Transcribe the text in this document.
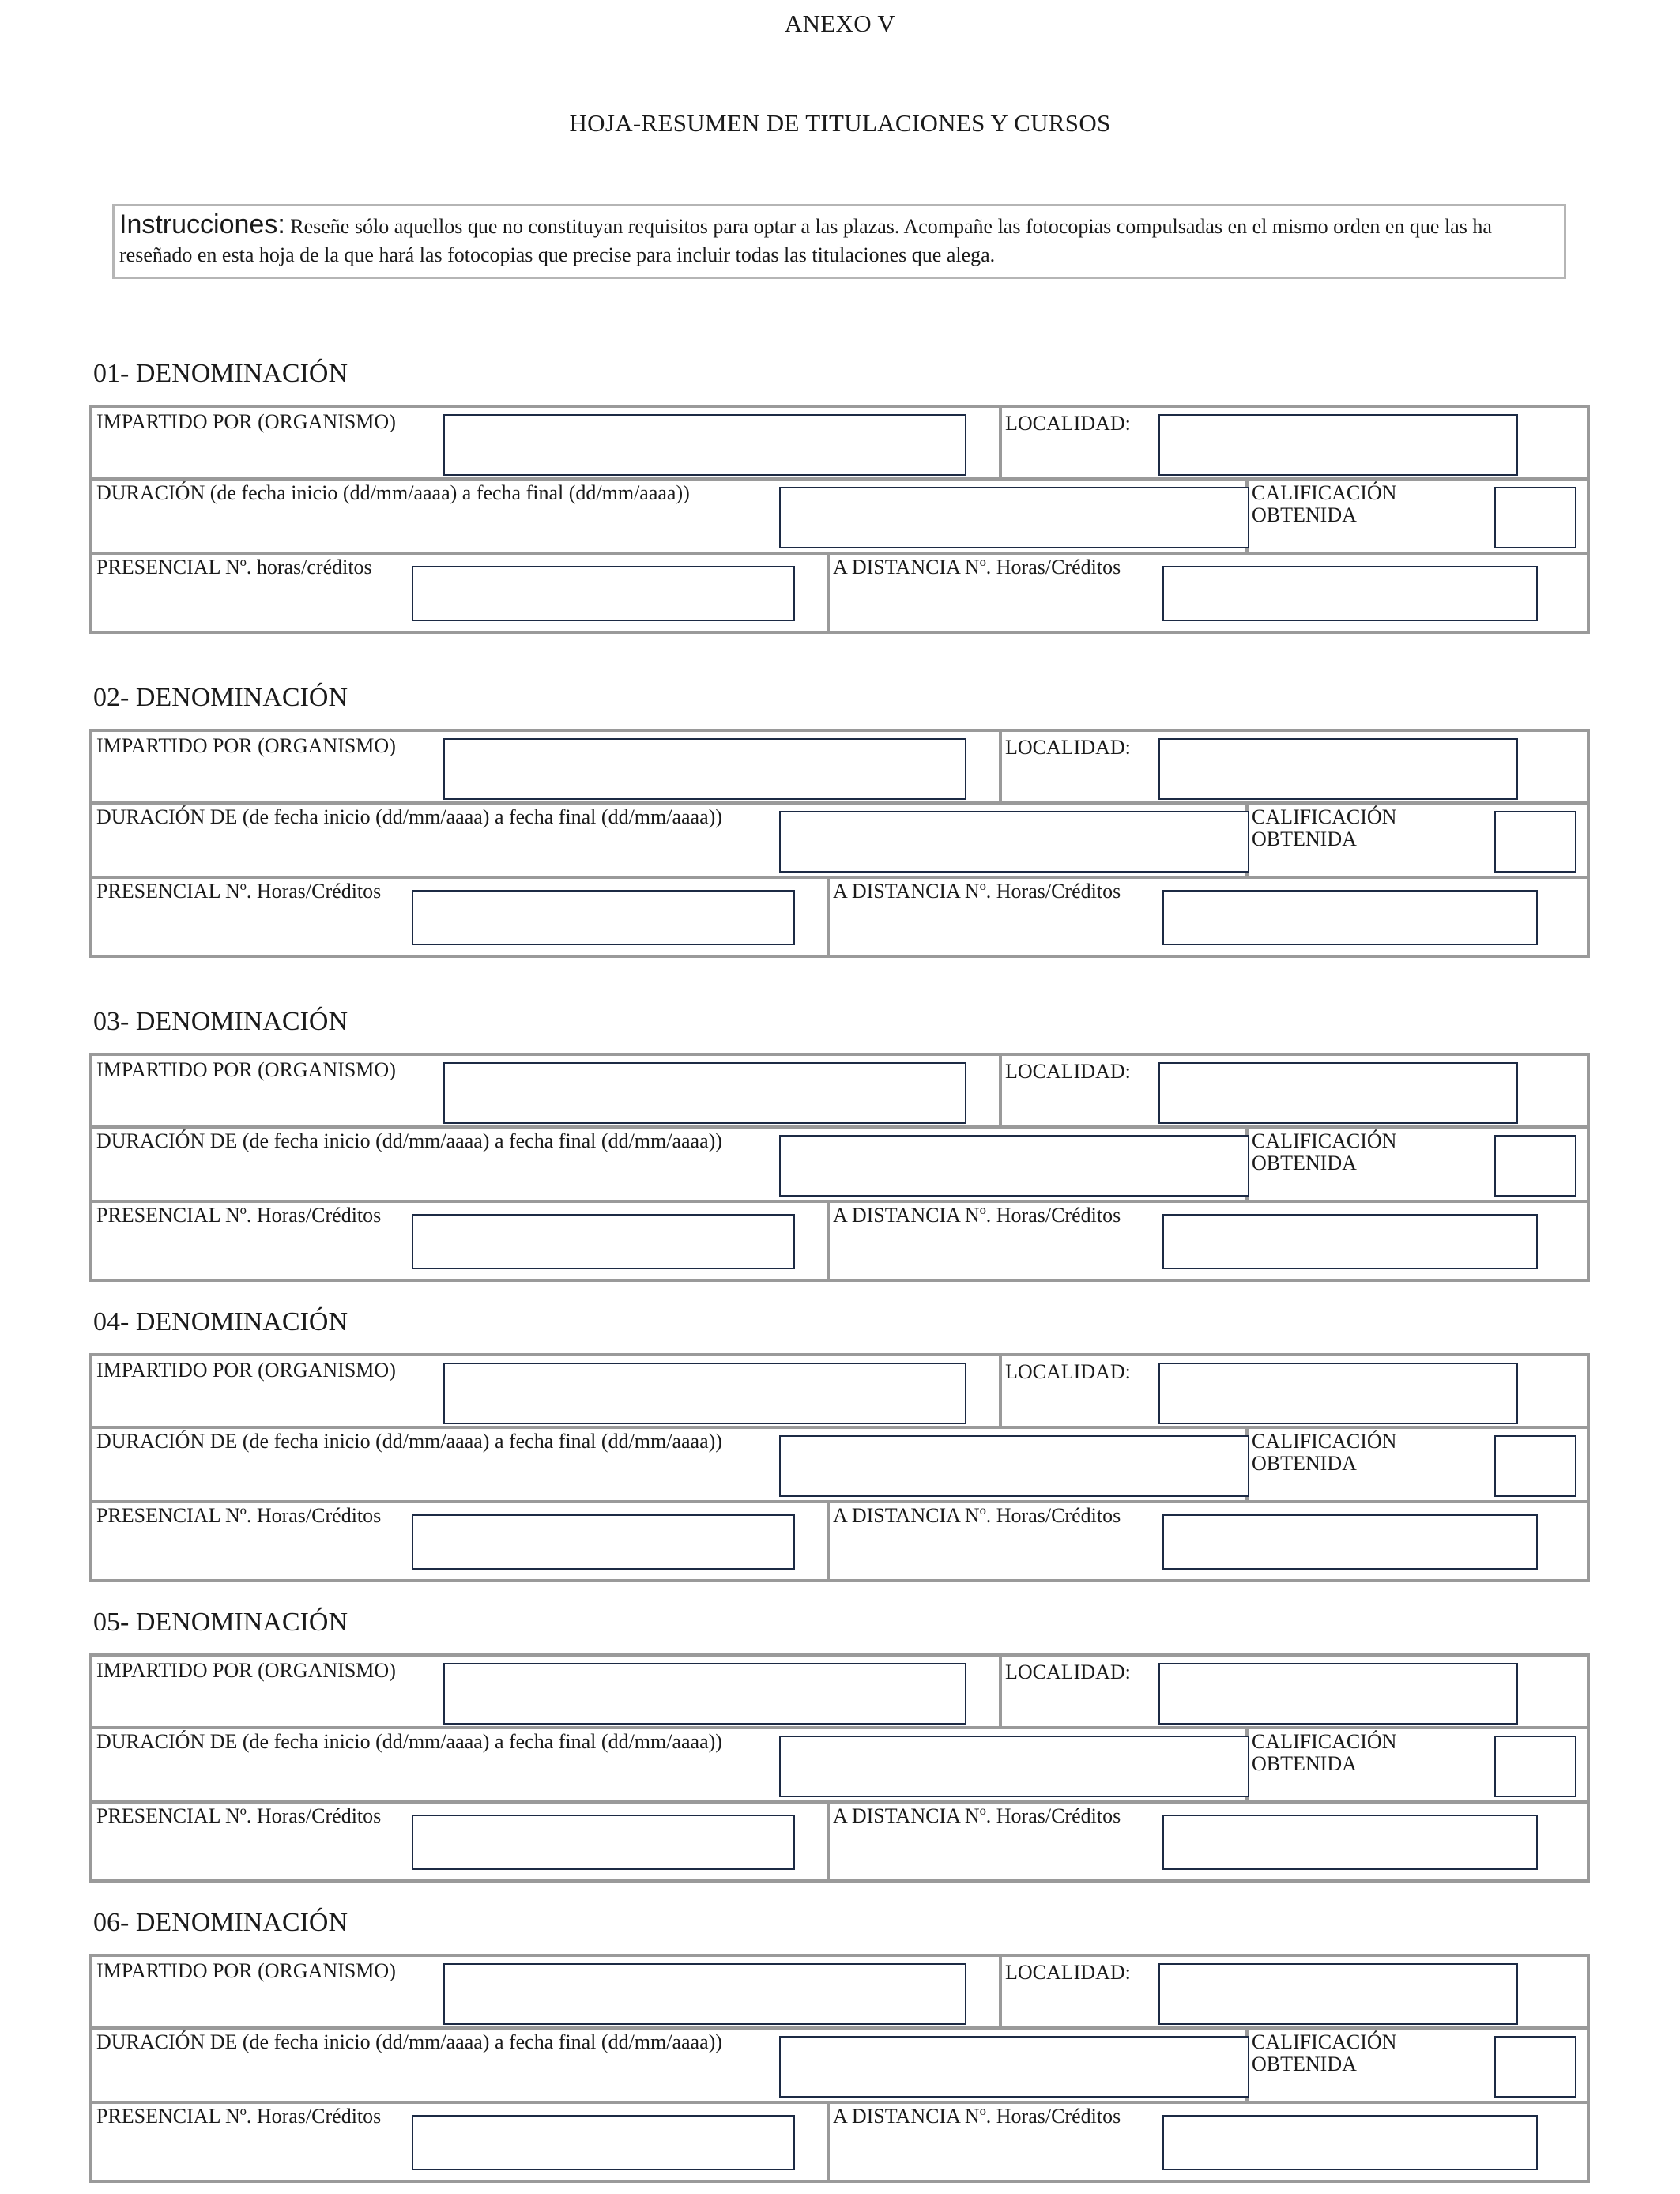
ANEXO V
HOJA-RESUMEN DE TITULACIONES Y CURSOS
Instrucciones: Reseñe sólo aquellos que no constituyan requisitos para optar a las plazas. Acompañe las fotocopias compulsadas en el mismo orden en que las ha reseñado en esta hoja de la que hará las fotocopias que precise para incluir todas las titulaciones que alega.
01- DENOMINACIÓN
IMPARTIDO POR (ORGANISMO)	LOCALIDAD:
DURACIÓN (de fecha inicio (dd/mm/aaaa) a fecha final (dd/mm/aaaa))	CALIFICACIÓN
OBTENIDA
PRESENCIAL Nº. horas/créditos	A DISTANCIA Nº. Horas/Créditos
02- DENOMINACIÓN
IMPARTIDO POR (ORGANISMO)	LOCALIDAD:
DURACIÓN DE (de fecha inicio (dd/mm/aaaa) a fecha final (dd/mm/aaaa))	CALIFICACIÓN
OBTENIDA
PRESENCIAL Nº. Horas/Créditos	A DISTANCIA Nº. Horas/Créditos
03- DENOMINACIÓN
IMPARTIDO POR (ORGANISMO)	LOCALIDAD:
DURACIÓN DE (de fecha inicio (dd/mm/aaaa) a fecha final (dd/mm/aaaa))	CALIFICACIÓN
OBTENIDA
PRESENCIAL Nº. Horas/Créditos	A DISTANCIA Nº. Horas/Créditos
04- DENOMINACIÓN
IMPARTIDO POR (ORGANISMO)	LOCALIDAD:
DURACIÓN DE (de fecha inicio (dd/mm/aaaa) a fecha final (dd/mm/aaaa))	CALIFICACIÓN
OBTENIDA
PRESENCIAL Nº. Horas/Créditos	A DISTANCIA Nº. Horas/Créditos
05- DENOMINACIÓN
IMPARTIDO POR (ORGANISMO)	LOCALIDAD:
DURACIÓN DE (de fecha inicio (dd/mm/aaaa) a fecha final (dd/mm/aaaa))	CALIFICACIÓN
OBTENIDA
PRESENCIAL Nº. Horas/Créditos	A DISTANCIA Nº. Horas/Créditos
06- DENOMINACIÓN
IMPARTIDO POR (ORGANISMO)	LOCALIDAD:
DURACIÓN DE (de fecha inicio (dd/mm/aaaa) a fecha final (dd/mm/aaaa))	CALIFICACIÓN
OBTENIDA
PRESENCIAL Nº. Horas/Créditos	A DISTANCIA Nº. Horas/Créditos
